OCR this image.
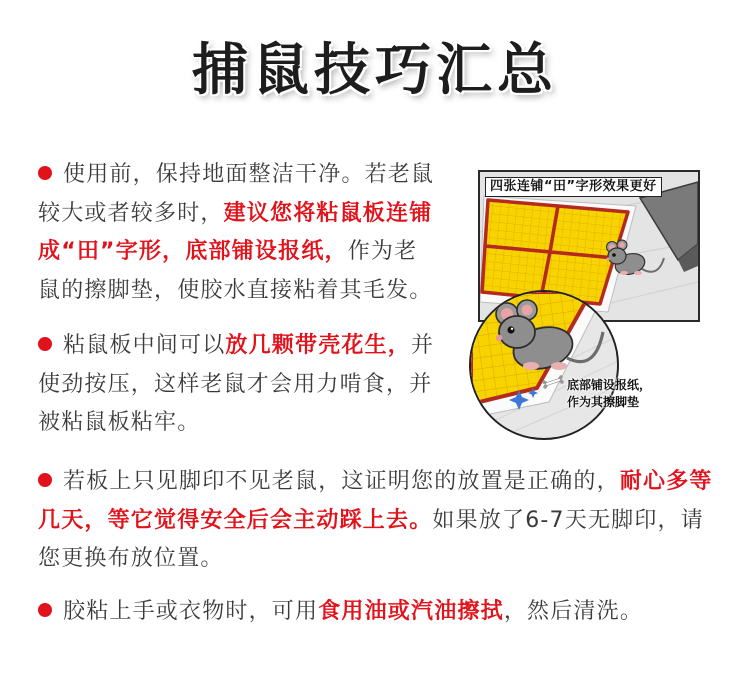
捕鼠技巧汇总
使用前，保持地面整洁干净。若老鼠
较大或者较多时，建议您将粘鼠板连铺
成“田”字形，底部铺设报纸，作为老
鼠的擦脚垫，使胶水直接粘着其毛发。
粘鼠板中间可以放几颗带壳花生，并
使劲按压，这样老鼠才会用力啃食，并
被粘鼠板粘牢。
若板上只见脚印不见老鼠，这证明您的放置是正确的，耐心多等
几天，等它觉得安全后会主动踩上去。如果放了6-7天无脚印，请
您更换布放位置。
胶粘上手或衣物时，可用食用油或汽油擦拭，然后清洗。
四张连铺“田”字形效果更好
底部铺设报纸，
作为其擦脚垫
